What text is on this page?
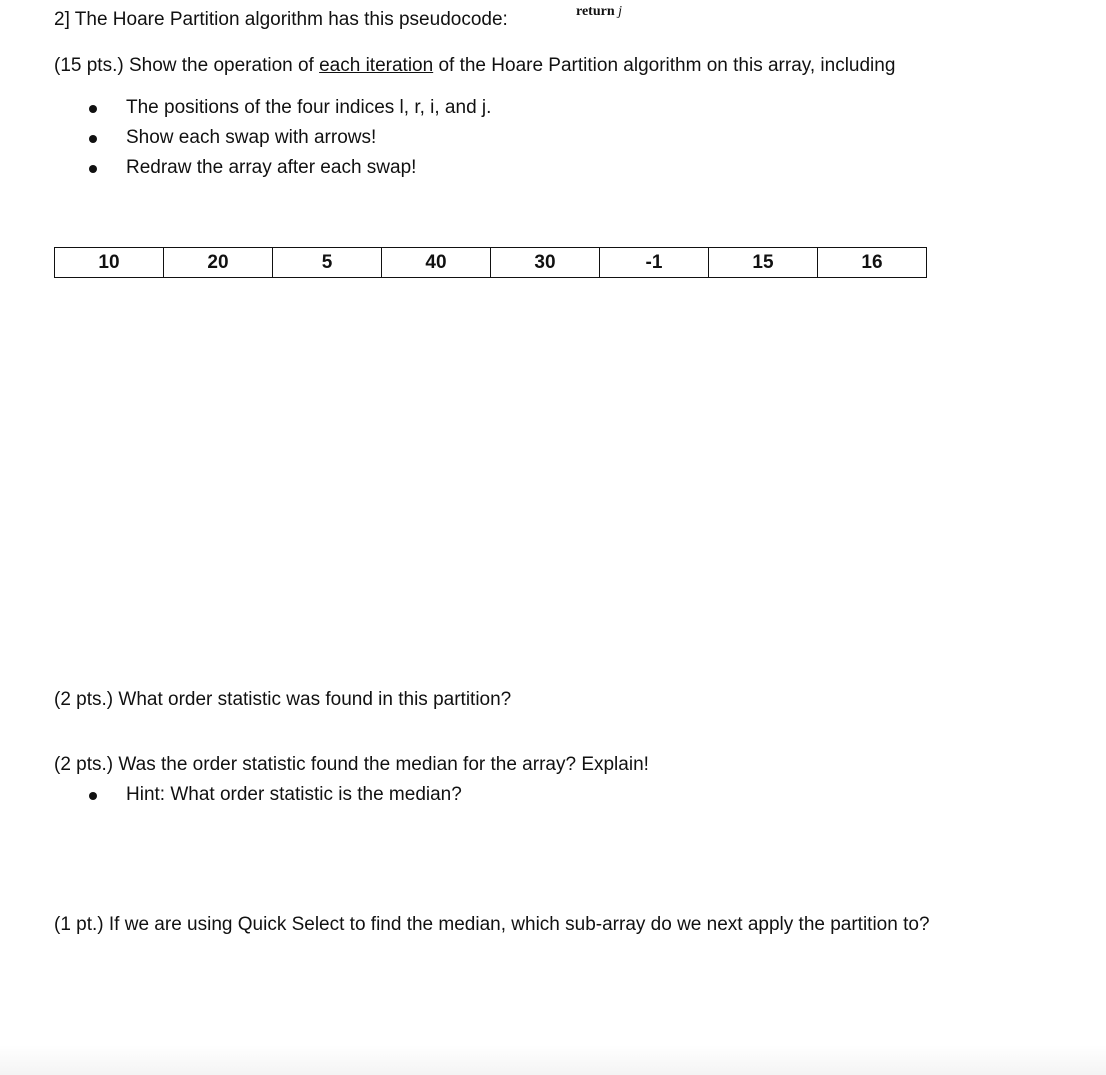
return j
2] The Hoare Partition algorithm has this pseudocode:
(15 pts.) Show the operation of each iteration of the Hoare Partition algorithm on this array, including
The positions of the four indices l, r, i, and j.
Show each swap with arrows!
Redraw the array after each swap!
10	20	5	40	30	-1	15	16
(2 pts.) What order statistic was found in this partition?
(2 pts.) Was the order statistic found the median for the array? Explain!
Hint: What order statistic is the median?
(1 pt.) If we are using Quick Select to find the median, which sub-array do we next apply the partition to?
